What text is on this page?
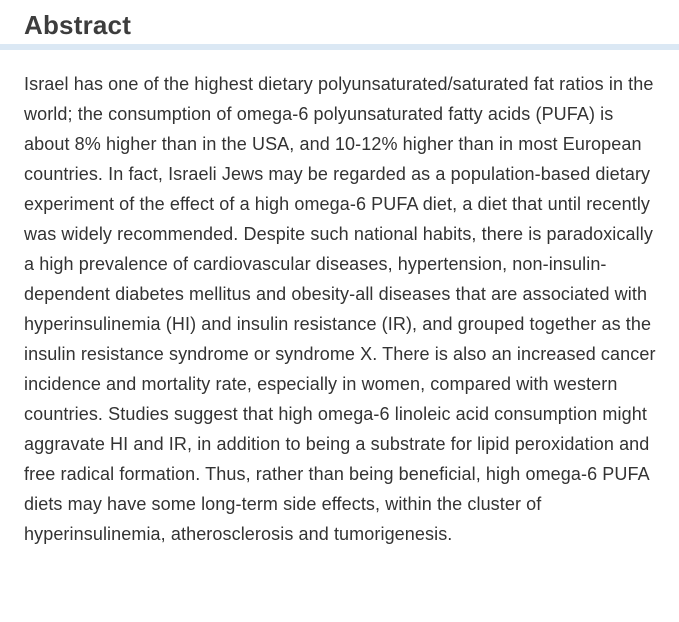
Abstract

Israel has one of the highest dietary polyunsaturated/saturated fat ratios in the world; the consumption of omega-6 polyunsaturated fatty acids (PUFA) is about 8% higher than in the USA, and 10-12% higher than in most European countries. In fact, Israeli Jews may be regarded as a population-based dietary experiment of the effect of a high omega-6 PUFA diet, a diet that until recently was widely recommended. Despite such national habits, there is paradoxically a high prevalence of cardiovascular diseases, hypertension, non-insulin-dependent diabetes mellitus and obesity-all diseases that are associated with hyperinsulinemia (HI) and insulin resistance (IR), and grouped together as the insulin resistance syndrome or syndrome X. There is also an increased cancer incidence and mortality rate, especially in women, compared with western countries. Studies suggest that high omega-6 linoleic acid consumption might aggravate HI and IR, in addition to being a substrate for lipid peroxidation and free radical formation. Thus, rather than being beneficial, high omega-6 PUFA diets may have some long-term side effects, within the cluster of hyperinsulinemia, atherosclerosis and tumorigenesis.
